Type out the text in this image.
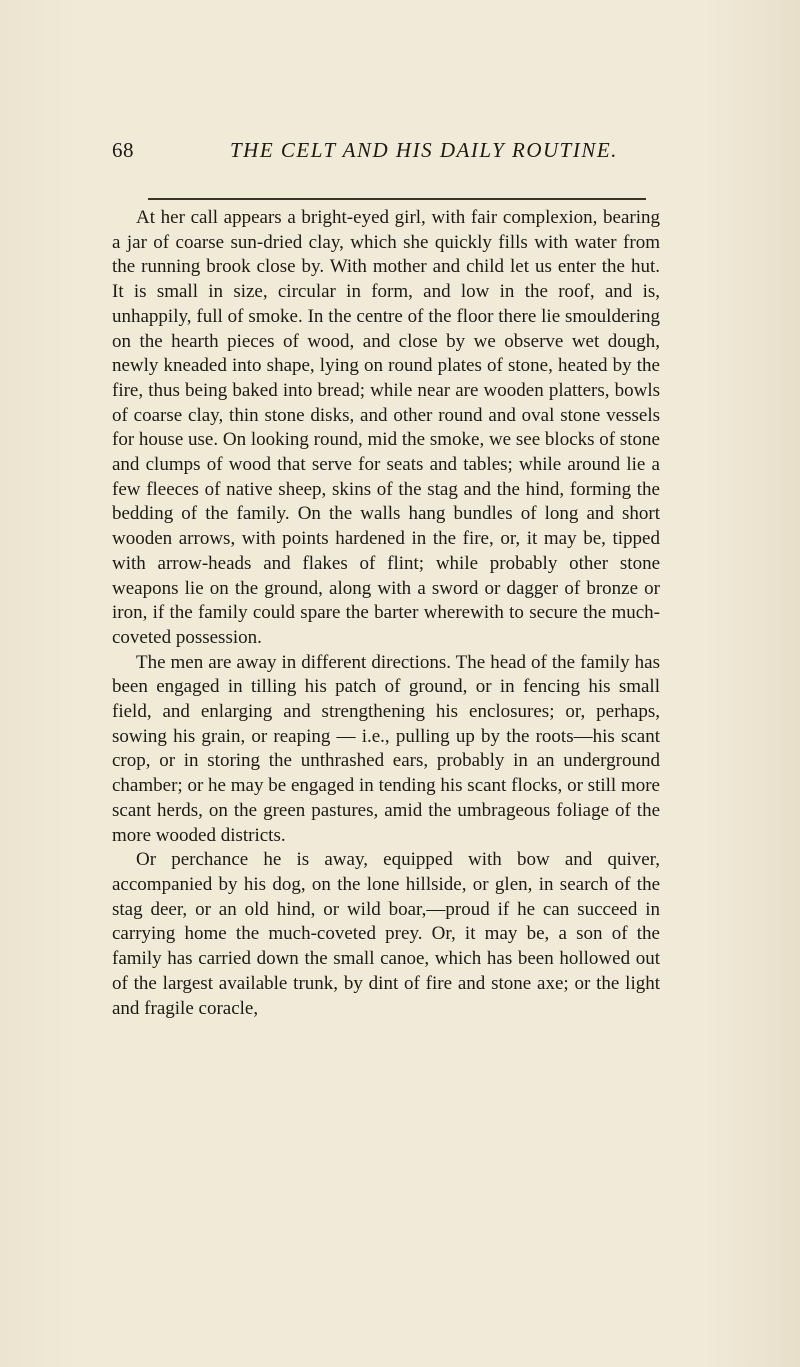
68	THE CELT AND HIS DAILY ROUTINE.

At her call appears a bright-eyed girl, with fair complexion, bearing a jar of coarse sun-dried clay, which she quickly fills with water from the running brook close by. With mother and child let us enter the hut. It is small in size, circular in form, and low in the roof, and is, unhappily, full of smoke. In the centre of the floor there lie smouldering on the hearth pieces of wood, and close by we observe wet dough, newly kneaded into shape, lying on round plates of stone, heated by the fire, thus being baked into bread; while near are wooden platters, bowls of coarse clay, thin stone disks, and other round and oval stone vessels for house use. On looking round, mid the smoke, we see blocks of stone and clumps of wood that serve for seats and tables; while around lie a few fleeces of native sheep, skins of the stag and the hind, forming the bedding of the family. On the walls hang bundles of long and short wooden arrows, with points hardened in the fire, or, it may be, tipped with arrow-heads and flakes of flint; while probably other stone weapons lie on the ground, along with a sword or dagger of bronze or iron, if the family could spare the barter wherewith to secure the much-coveted possession.

The men are away in different directions. The head of the family has been engaged in tilling his patch of ground, or in fencing his small field, and enlarging and strengthening his enclosures; or, perhaps, sowing his grain, or reaping — i.e., pulling up by the roots—his scant crop, or in storing the unthrashed ears, probably in an underground chamber; or he may be engaged in tending his scant flocks, or still more scant herds, on the green pastures, amid the umbrageous foliage of the more wooded districts.

Or perchance he is away, equipped with bow and quiver, accompanied by his dog, on the lone hillside, or glen, in search of the stag deer, or an old hind, or wild boar,—proud if he can succeed in carrying home the much-coveted prey. Or, it may be, a son of the family has carried down the small canoe, which has been hollowed out of the largest available trunk, by dint of fire and stone axe; or the light and fragile coracle,
